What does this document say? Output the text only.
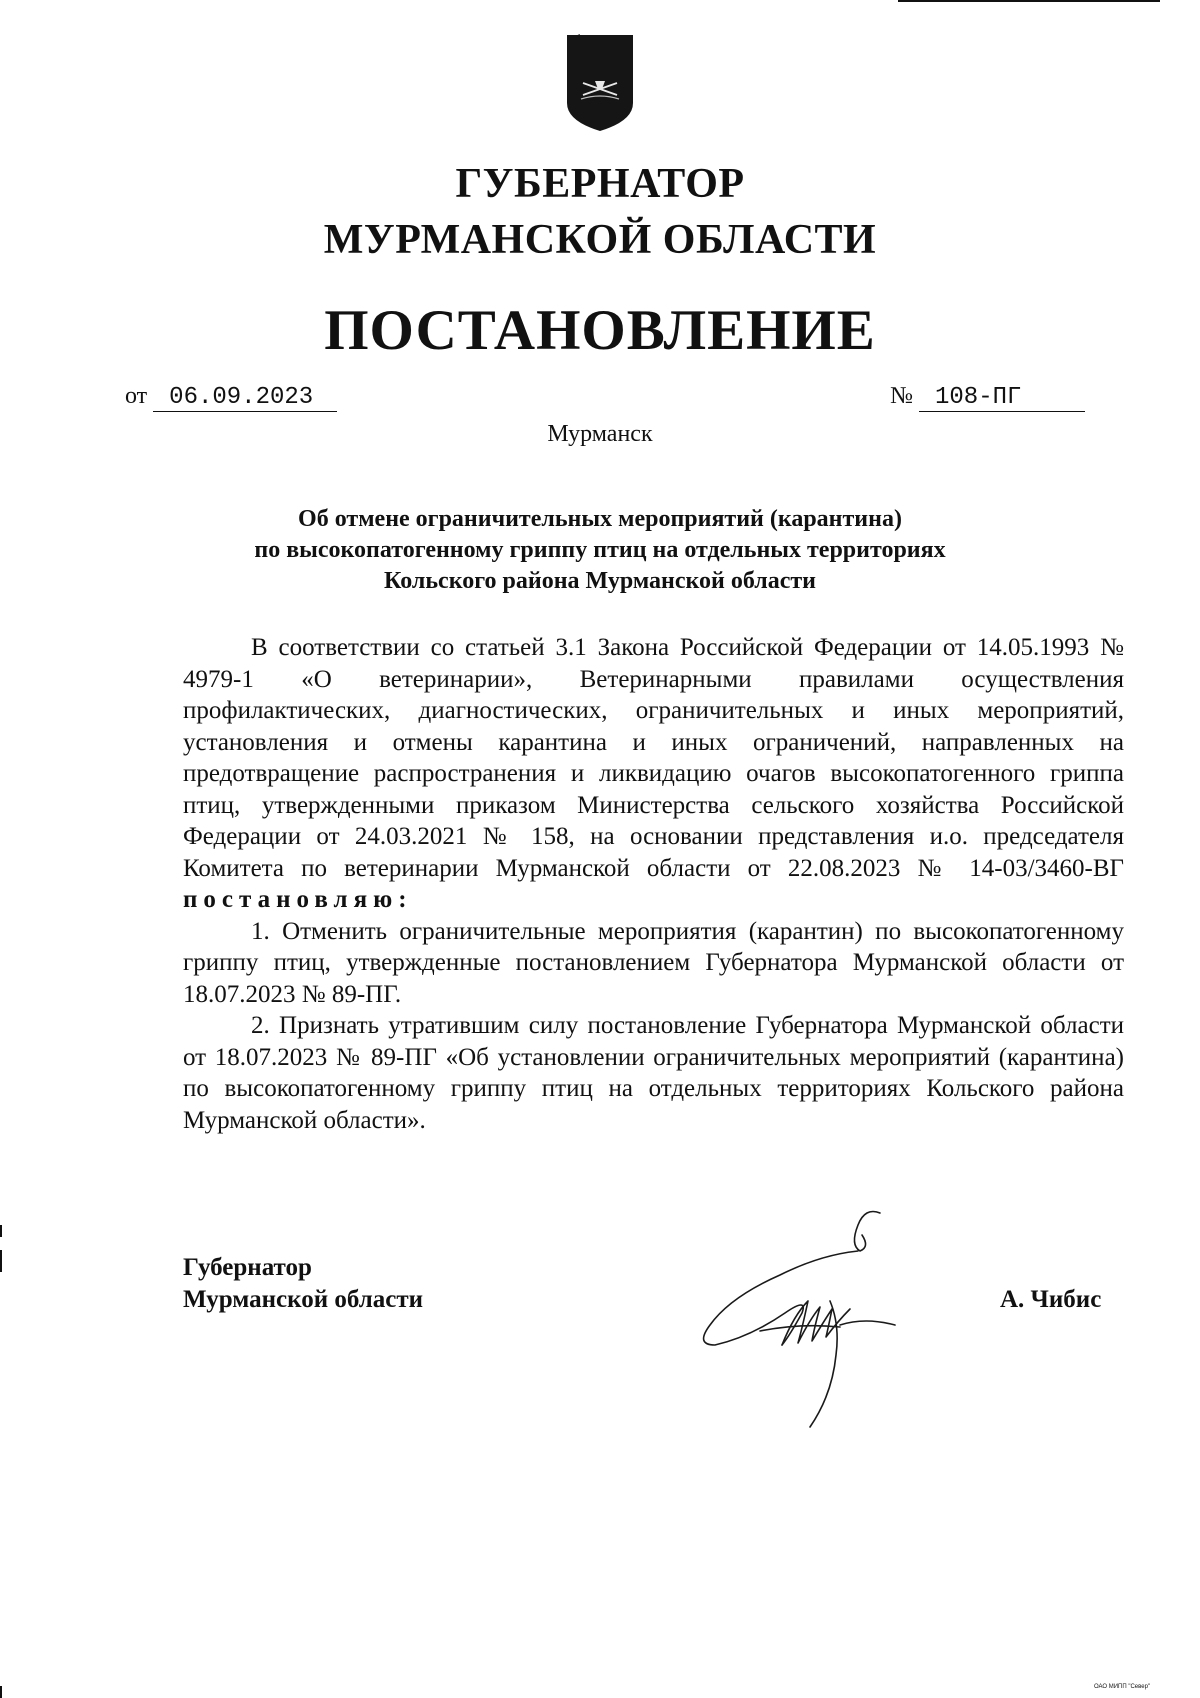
ГУБЕРНАТОР
МУРМАНСКОЙ ОБЛАСТИ
ПОСТАНОВЛЕНИЕ
от 06.09.2023	№ 108-ПГ
Мурманск
Об отмене ограничительных мероприятий (карантина)
по высокопатогенному гриппу птиц на отдельных территориях
Кольского района Мурманской области

В соответствии со статьей 3.1 Закона Российской Федерации от 14.05.1993 № 4979-1 «О ветеринарии», Ветеринарными правилами осуществления профилактических, диагностических, ограничительных и иных мероприятий, установления и отмены карантина и иных ограничений, направленных на предотвращение распространения и ликвидацию очагов высокопатогенного гриппа птиц, утвержденными приказом Министерства сельского хозяйства Российской Федерации от 24.03.2021 № 158, на основании представления и.о. председателя Комитета по ветеринарии Мурманской области от 22.08.2023 № 14-03/3460-ВГ постановляю:

1. Отменить ограничительные мероприятия (карантин) по высокопатогенному гриппу птиц, утвержденные постановлением Губернатора Мурманской области от 18.07.2023 № 89-ПГ.

2. Признать утратившим силу постановление Губернатора Мурманской области от 18.07.2023 № 89-ПГ «Об установлении ограничительных мероприятий (карантина) по высокопатогенному гриппу птиц на отдельных территориях Кольского района Мурманской области».

Губернатор
Мурманской области	А. Чибис
ОАО МИПП "Север"
